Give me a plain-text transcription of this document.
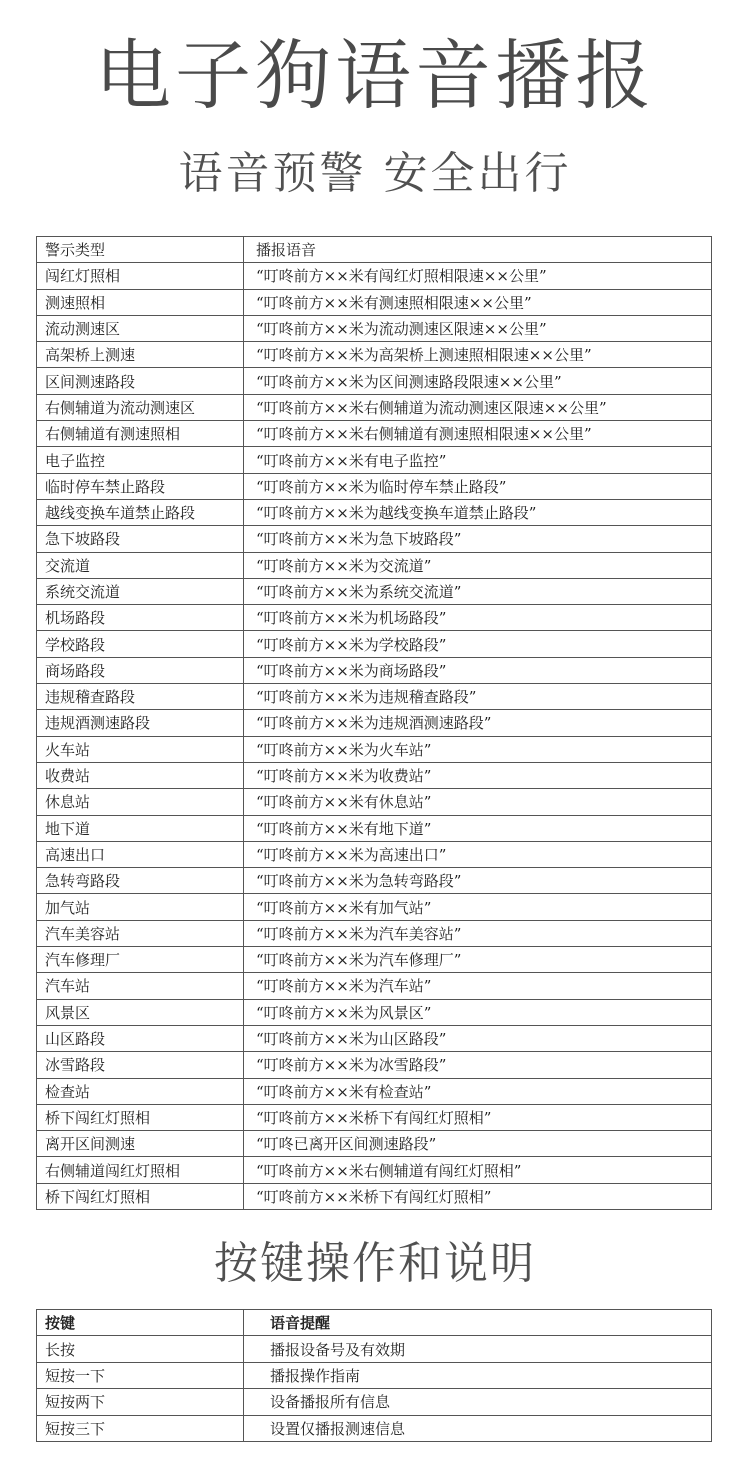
电子狗语音播报
语音预警 安全出行
警示类型	播报语音
闯红灯照相	“叮咚前方××米有闯红灯照相限速××公里”
测速照相	“叮咚前方××米有测速照相限速××公里”
流动测速区	“叮咚前方××米为流动测速区限速××公里”
高架桥上测速	“叮咚前方××米为高架桥上测速照相限速××公里”
区间测速路段	“叮咚前方××米为区间测速路段限速××公里”
右侧辅道为流动测速区	“叮咚前方××米右侧辅道为流动测速区限速××公里”
右侧辅道有测速照相	“叮咚前方××米右侧辅道有测速照相限速××公里”
电子监控	“叮咚前方××米有电子监控”
临时停车禁止路段	“叮咚前方××米为临时停车禁止路段”
越线变换车道禁止路段	“叮咚前方××米为越线变换车道禁止路段”
急下坡路段	“叮咚前方××米为急下坡路段”
交流道	“叮咚前方××米为交流道”
系统交流道	“叮咚前方××米为系统交流道”
机场路段	“叮咚前方××米为机场路段”
学校路段	“叮咚前方××米为学校路段”
商场路段	“叮咚前方××米为商场路段”
违规稽查路段	“叮咚前方××米为违规稽查路段”
违规酒测速路段	“叮咚前方××米为违规酒测速路段”
火车站	“叮咚前方××米为火车站”
收费站	“叮咚前方××米为收费站”
休息站	“叮咚前方××米有休息站”
地下道	“叮咚前方××米有地下道”
高速出口	“叮咚前方××米为高速出口”
急转弯路段	“叮咚前方××米为急转弯路段”
加气站	“叮咚前方××米有加气站”
汽车美容站	“叮咚前方××米为汽车美容站”
汽车修理厂	“叮咚前方××米为汽车修理厂”
汽车站	“叮咚前方××米为汽车站”
风景区	“叮咚前方××米为风景区”
山区路段	“叮咚前方××米为山区路段”
冰雪路段	“叮咚前方××米为冰雪路段”
检查站	“叮咚前方××米有检查站”
桥下闯红灯照相	“叮咚前方××米桥下有闯红灯照相”
离开区间测速	“叮咚已离开区间测速路段”
右侧辅道闯红灯照相	“叮咚前方××米右侧辅道有闯红灯照相”
桥下闯红灯照相	“叮咚前方××米桥下有闯红灯照相”
按键操作和说明
按键	语音提醒
长按	播报设备号及有效期
短按一下	播报操作指南
短按两下	设备播报所有信息
短按三下	设置仅播报测速信息
